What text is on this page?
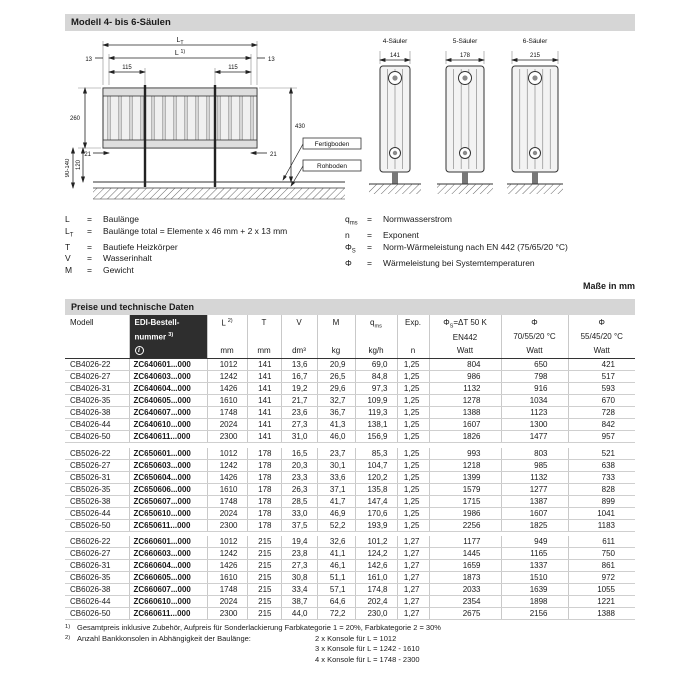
Modell 4- bis 6-Säulen
Fertigboden
Rohboden
$L_T$
L $^{1)}$
13	13
115	115
260
430
21	21
90-140 120
4-Säuler
141
5-Säuler
178
6-Säuler
215
L	=	Baulänge
$L_T$	=	Baulänge total = Elemente x 46 mm + 2 x 13 mm
T	=	Bautiefe Heizkörper
V	=	Wasserinhalt
M	=	Gewicht
$q_{ms}$	=	Normwasserstrom
n	=	Exponent
$\Phi_S$	=	Norm-Wärmeleistung nach EN 442 (75/65/20 °C)
Φ	=	Wärmeleistung bei Systemtemperaturen
Maße in mm
Preise und technische Daten
Modell	EDI-Bestell-
nummer $^{3)}$
i

L $^{2)}$
mm

T
mm

V
dm³

M
kg

$q_{ms}$
kg/h

Exp.
n

$\Phi_S=\Delta T$ 50 K
EN442
Watt

Φ
70/55/20 °C
Watt

Φ
55/45/20 °C
Watt

CB4026-22	ZC640601...000	1012	141	13,6	20,9	69,0	1,25	804	650	421
CB4026-27	ZC640603...000	1242	141	16,7	26,5	84,8	1,25	986	798	517
CB4026-31	ZC640604...000	1426	141	19,2	29,6	97,3	1,25	1132	916	593
CB4026-35	ZC640605...000	1610	141	21,7	32,7	109,9	1,25	1278	1034	670
CB4026-38	ZC640607...000	1748	141	23,6	36,7	119,3	1,25	1388	1123	728
CB4026-44	ZC640610...000	2024	141	27,3	41,3	138,1	1,25	1607	1300	842
CB4026-50	ZC640611...000	2300	141	31,0	46,0	156,9	1,25	1826	1477	957

CB5026-22	ZC650601...000	1012	178	16,5	23,7	85,3	1,25	993	803	521
CB5026-27	ZC650603...000	1242	178	20,3	30,1	104,7	1,25	1218	985	638
CB5026-31	ZC650604...000	1426	178	23,3	33,6	120,2	1,25	1399	1132	733
CB5026-35	ZC650606...000	1610	178	26,3	37,1	135,8	1,25	1579	1277	828
CB5026-38	ZC650607...000	1748	178	28,5	41,7	147,4	1,25	1715	1387	899
CB5026-44	ZC650610...000	2024	178	33,0	46,9	170,6	1,25	1986	1607	1041
CB5026-50	ZC650611...000	2300	178	37,5	52,2	193,9	1,25	2256	1825	1183

CB6026-22	ZC660601...000	1012	215	19,4	32,6	101,2	1,27	1177	949	611
CB6026-27	ZC660603...000	1242	215	23,8	41,1	124,2	1,27	1445	1165	750
CB6026-31	ZC660604...000	1426	215	27,3	46,1	142,6	1,27	1659	1337	861
CB6026-35	ZC660605...000	1610	215	30,8	51,1	161,0	1,27	1873	1510	972
CB6026-38	ZC660607...000	1748	215	33,4	57,1	174,8	1,27	2033	1639	1055
CB6026-44	ZC660610...000	2024	215	38,7	64,6	202,4	1,27	2354	1898	1221
CB6026-50	ZC660611...000	2300	215	44,0	72,2	230,0	1,27	2675	2156	1388
1) Gesamtpreis inklusive Zubehör, Aufpreis für Sonderlackierung Farbkategorie 1 = 20%, Farbkategorie 2 = 30%
2) Anzahl Bankkonsolen in Abhängigkeit der Baulänge:	2 x Konsole für L = 1012
3 x Konsole für L = 1242 - 1610
4 x Konsole für L = 1748 - 2300
